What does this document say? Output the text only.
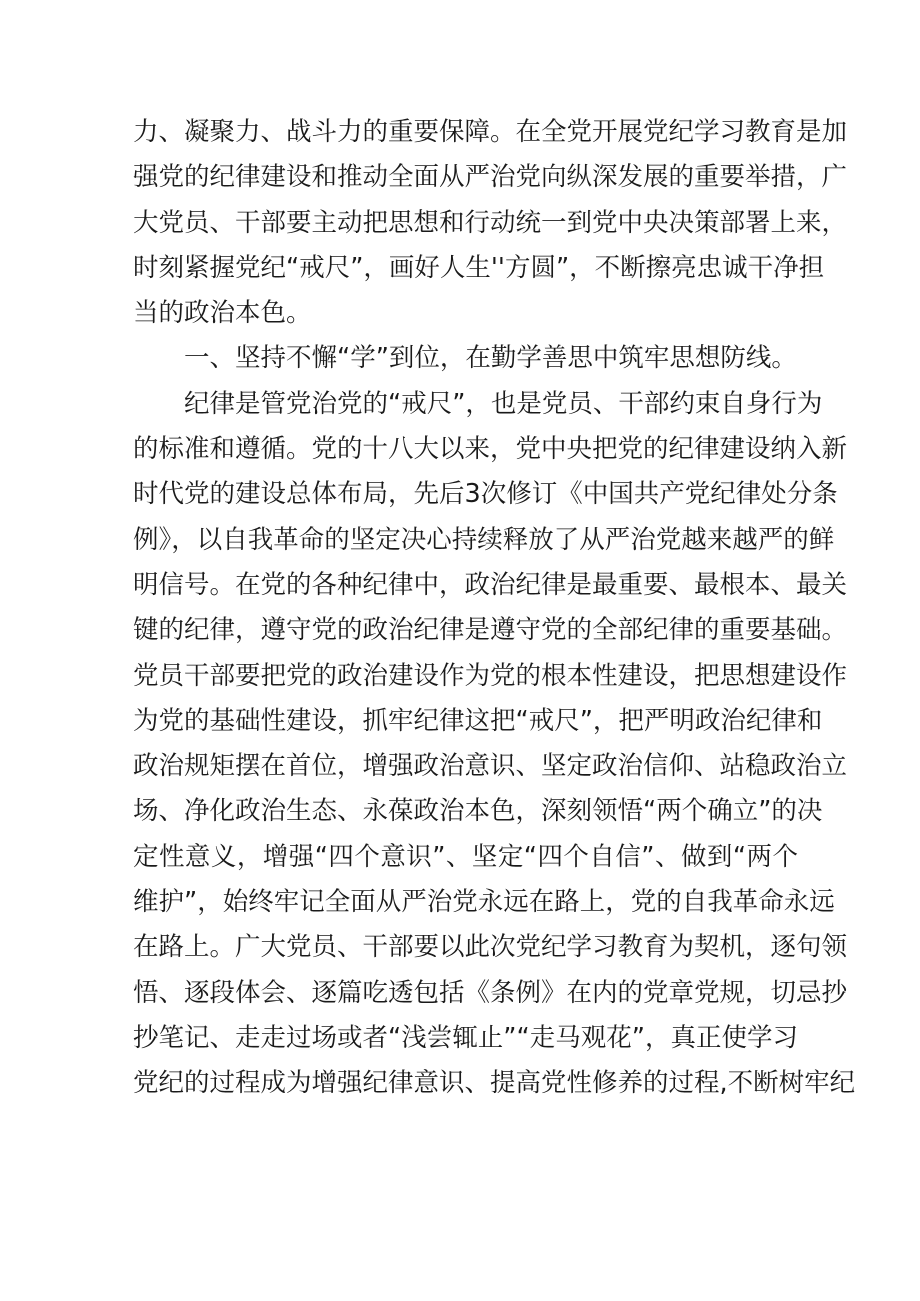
力、凝聚力、战斗力的重要保障。在全党开展党纪学习教育是加
强党的纪律建设和推动全面从严治党向纵深发展的重要举措，广
大党员、干部要主动把思想和行动统一到党中央决策部署上来，
时刻紧握党纪“戒尺”，画好人生''方圆”，不断擦亮忠诚干净担
当的政治本色。
一、坚持不懈“学”到位，在勤学善思中筑牢思想防线。
纪律是管党治党的“戒尺”，也是党员、干部约束自身行为
的标准和遵循。党的十八大以来，党中央把党的纪律建设纳入新
时代党的建设总体布局，先后3次修订《中国共产党纪律处分条
例》，以自我革命的坚定决心持续释放了从严治党越来越严的鲜
明信号。在党的各种纪律中，政治纪律是最重要、最根本、最关
键的纪律，遵守党的政治纪律是遵守党的全部纪律的重要基础。
党员干部要把党的政治建设作为党的根本性建设，把思想建设作
为党的基础性建设，抓牢纪律这把“戒尺”，把严明政治纪律和
政治规矩摆在首位，增强政治意识、坚定政治信仰、站稳政治立
场、净化政治生态、永葆政治本色，深刻领悟“两个确立”的决
定性意义，增强“四个意识”、坚定“四个自信”、做到“两个
维护”，始终牢记全面从严治党永远在路上，党的自我革命永远
在路上。广大党员、干部要以此次党纪学习教育为契机，逐句领
悟、逐段体会、逐篇吃透包括《条例》在内的党章党规，切忌抄
抄笔记、走走过场或者“浅尝辄止”“走马观花”，真正使学习
党纪的过程成为增强纪律意识、提高党性修养的过程,不断树牢纪
